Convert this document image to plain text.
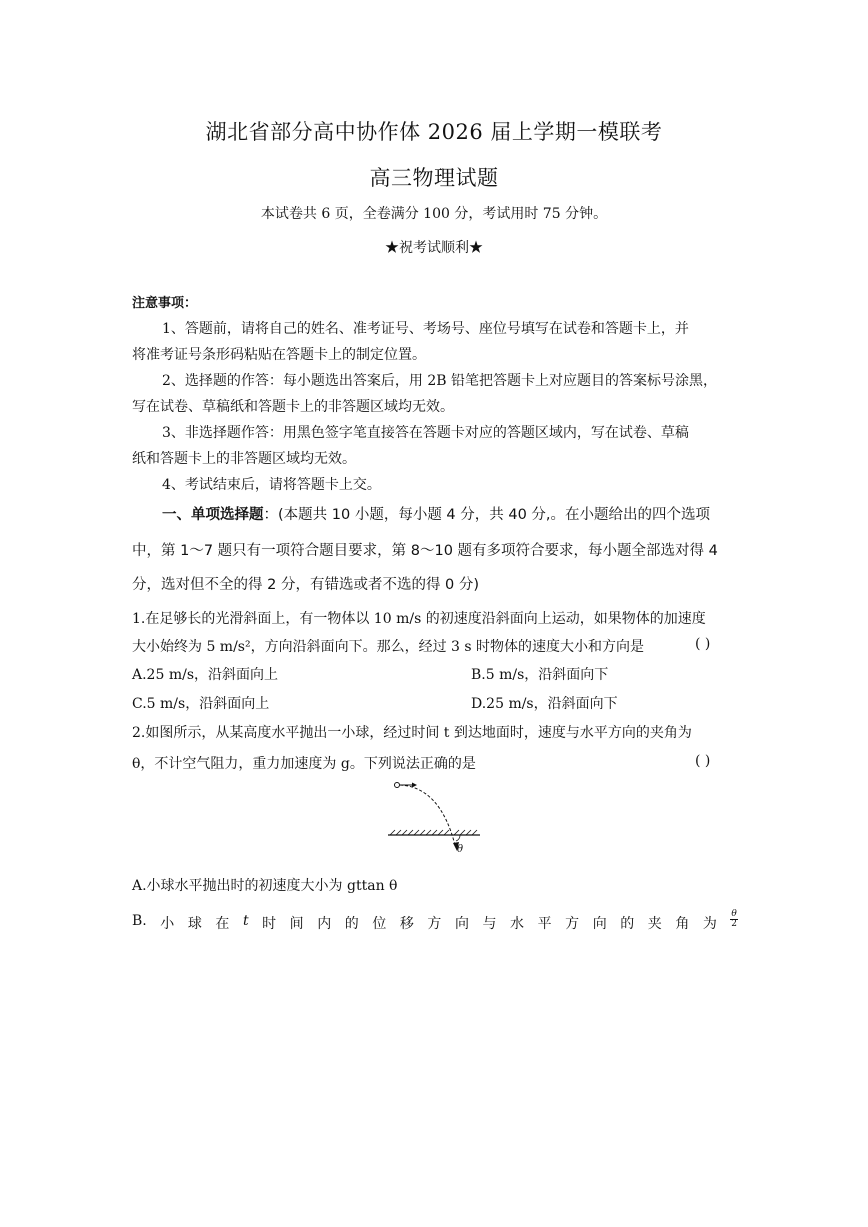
湖北省部分高中协作体 2026 届上学期一模联考
高三物理试题
本试卷共 6 页，全卷满分 100 分，考试用时 75 分钟。
★祝考试顺利★
注意事项：
1、答题前，请将自己的姓名、准考证号、考场号、座位号填写在试卷和答题卡上，并
将准考证号条形码粘贴在答题卡上的制定位置。
2、选择题的作答：每小题选出答案后，用 2B 铅笔把答题卡上对应题目的答案标号涂黑，
写在试卷、草稿纸和答题卡上的非答题区域均无效。
3、非选择题作答：用黑色签字笔直接答在答题卡对应的答题区域内，写在试卷、草稿
纸和答题卡上的非答题区域均无效。
4、考试结束后，请将答题卡上交。
一、单项选择题：(本题共 10 小题，每小题 4 分，共 40 分,。在小题给出的四个选项
中，第 1～7 题只有一项符合题目要求，第 8～10 题有多项符合要求，每小题全部选对得 4
分，选对但不全的得 2 分，有错选或者不选的得 0 分)
1.在足够长的光滑斜面上，有一物体以 10 m/s 的初速度沿斜面向上运动，如果物体的加速度
大小始终为 5 m/s²，方向沿斜面向下。那么，经过 3 s 时物体的速度大小和方向是	( )
A.25 m/s，沿斜面向上	B.5 m/s，沿斜面向下
C.5 m/s，沿斜面向上	D.25 m/s，沿斜面向下
2.如图所示，从某高度水平抛出一小球，经过时间 t 到达地面时，速度与水平方向的夹角为
θ，不计空气阻力，重力加速度为 g。下列说法正确的是	( )
θ
A.小球水平抛出时的初速度大小为 gttan θ
B. 小 球 在 t 时 间 内 的 位 移 方 向 与 水 平 方 向 的 夹 角 为 $\frac{\theta}{2}$
